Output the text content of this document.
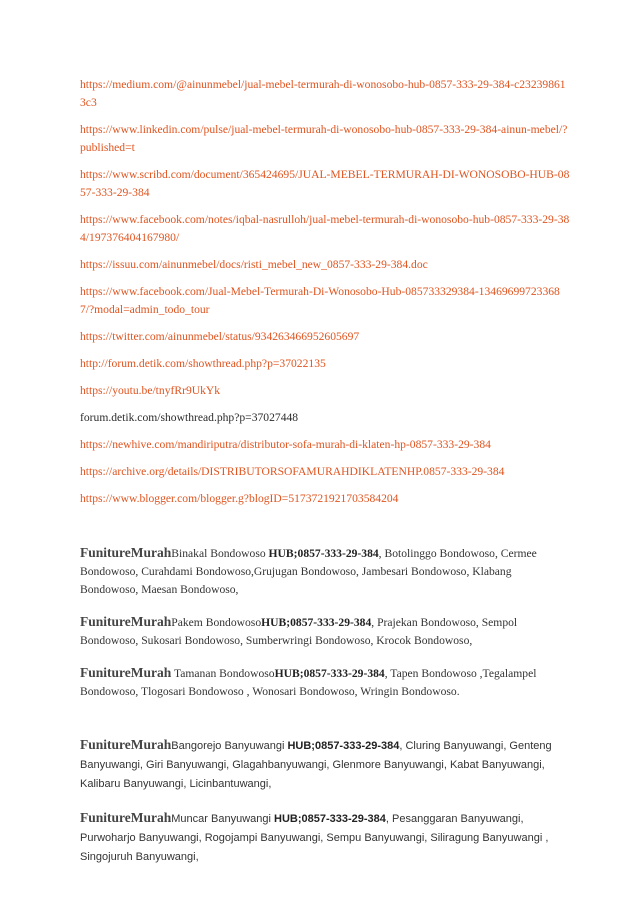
https://medium.com/@ainunmebel/jual-mebel-termurah-di-wonosobo-hub-0857-333-29-384-c232398613c3
https://www.linkedin.com/pulse/jual-mebel-termurah-di-wonosobo-hub-0857-333-29-384-ainun-mebel/?published=t
https://www.scribd.com/document/365424695/JUAL-MEBEL-TERMURAH-DI-WONOSOBO-HUB-0857-333-29-384
https://www.facebook.com/notes/iqbal-nasrulloh/jual-mebel-termurah-di-wonosobo-hub-0857-333-29-384/197376404167980/
https://issuu.com/ainunmebel/docs/risti_mebel_new_0857-333-29-384.doc
https://www.facebook.com/Jual-Mebel-Termurah-Di-Wonosobo-Hub-085733329384-134696997233687/?modal=admin_todo_tour
https://twitter.com/ainunmebel/status/934263466952605697
http://forum.detik.com/showthread.php?p=37022135
https://youtu.be/tnyfRr9UkYk
forum.detik.com/showthread.php?p=37027448
https://newhive.com/mandiriputra/distributor-sofa-murah-di-klaten-hp-0857-333-29-384
https://archive.org/details/DISTRIBUTORSOFAMURAHDIKLATENHP.0857-333-29-384
https://www.blogger.com/blogger.g?blogID=5173721921703584204

FunitureMurahBinakal Bondowoso HUB;0857-333-29-384, Botolinggo Bondowoso, Cermee Bondowoso, Curahdami Bondowoso,Grujugan Bondowoso, Jambesari Bondowoso, Klabang Bondowoso, Maesan Bondowoso,

FunitureMurahPakem BondowosoHUB;0857-333-29-384, Prajekan Bondowoso, Sempol Bondowoso, Sukosari Bondowoso, Sumberwringi Bondowoso, Krocok Bondowoso,

FunitureMurah Tamanan BondowosoHUB;0857-333-29-384, Tapen Bondowoso ,Tegalampel Bondowoso, Tlogosari Bondowoso , Wonosari Bondowoso, Wringin Bondowoso.

FunitureMurahBangorejo Banyuwangi HUB;0857-333-29-384, Cluring Banyuwangi, Genteng Banyuwangi, Giri Banyuwangi, Glagahbanyuwangi, Glenmore Banyuwangi, Kabat Banyuwangi, Kalibaru Banyuwangi, Licinbantuwangi,

FunitureMurahMuncar Banyuwangi HUB;0857-333-29-384, Pesanggaran Banyuwangi, Purwoharjo Banyuwangi, Rogojampi Banyuwangi, Sempu Banyuwangi, Siliragung Banyuwangi , Singojuruh Banyuwangi,
